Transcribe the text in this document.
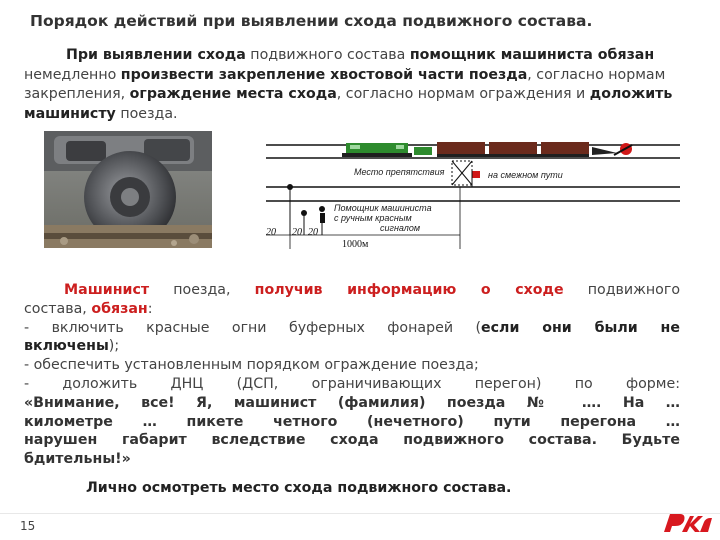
Порядок действий при выявлении схода подвижного состава.
При выявлении схода подвижного состава помощник машиниста обязан немедленно произвести закрепление хвостовой части поезда, согласно нормам закрепления, ограждение места схода, согласно нормам ограждения и доложить машинисту поезда.
Место препятствия	на смежном пути
Помощник машиниста
с ручным красным
сигналом
20 20 20
1000м
Машинист поезда, получив информацию о сходе подвижного
состава, обязан:
- включить красные огни буферных фонарей (если они были не
включены);
- обеспечить установленным порядком ограждение поезда;
- доложить ДНЦ (ДСП, ограничивающих перегон) по форме:
«Внимание, все! Я, машинист (фамилия) поезда № …. На …
километре … пикете четного (нечетного) пути перегона …
нарушен габарит вследствие схода подвижного состава. Будьте
бдительны!»
Лично осмотреть место схода подвижного состава.
15
